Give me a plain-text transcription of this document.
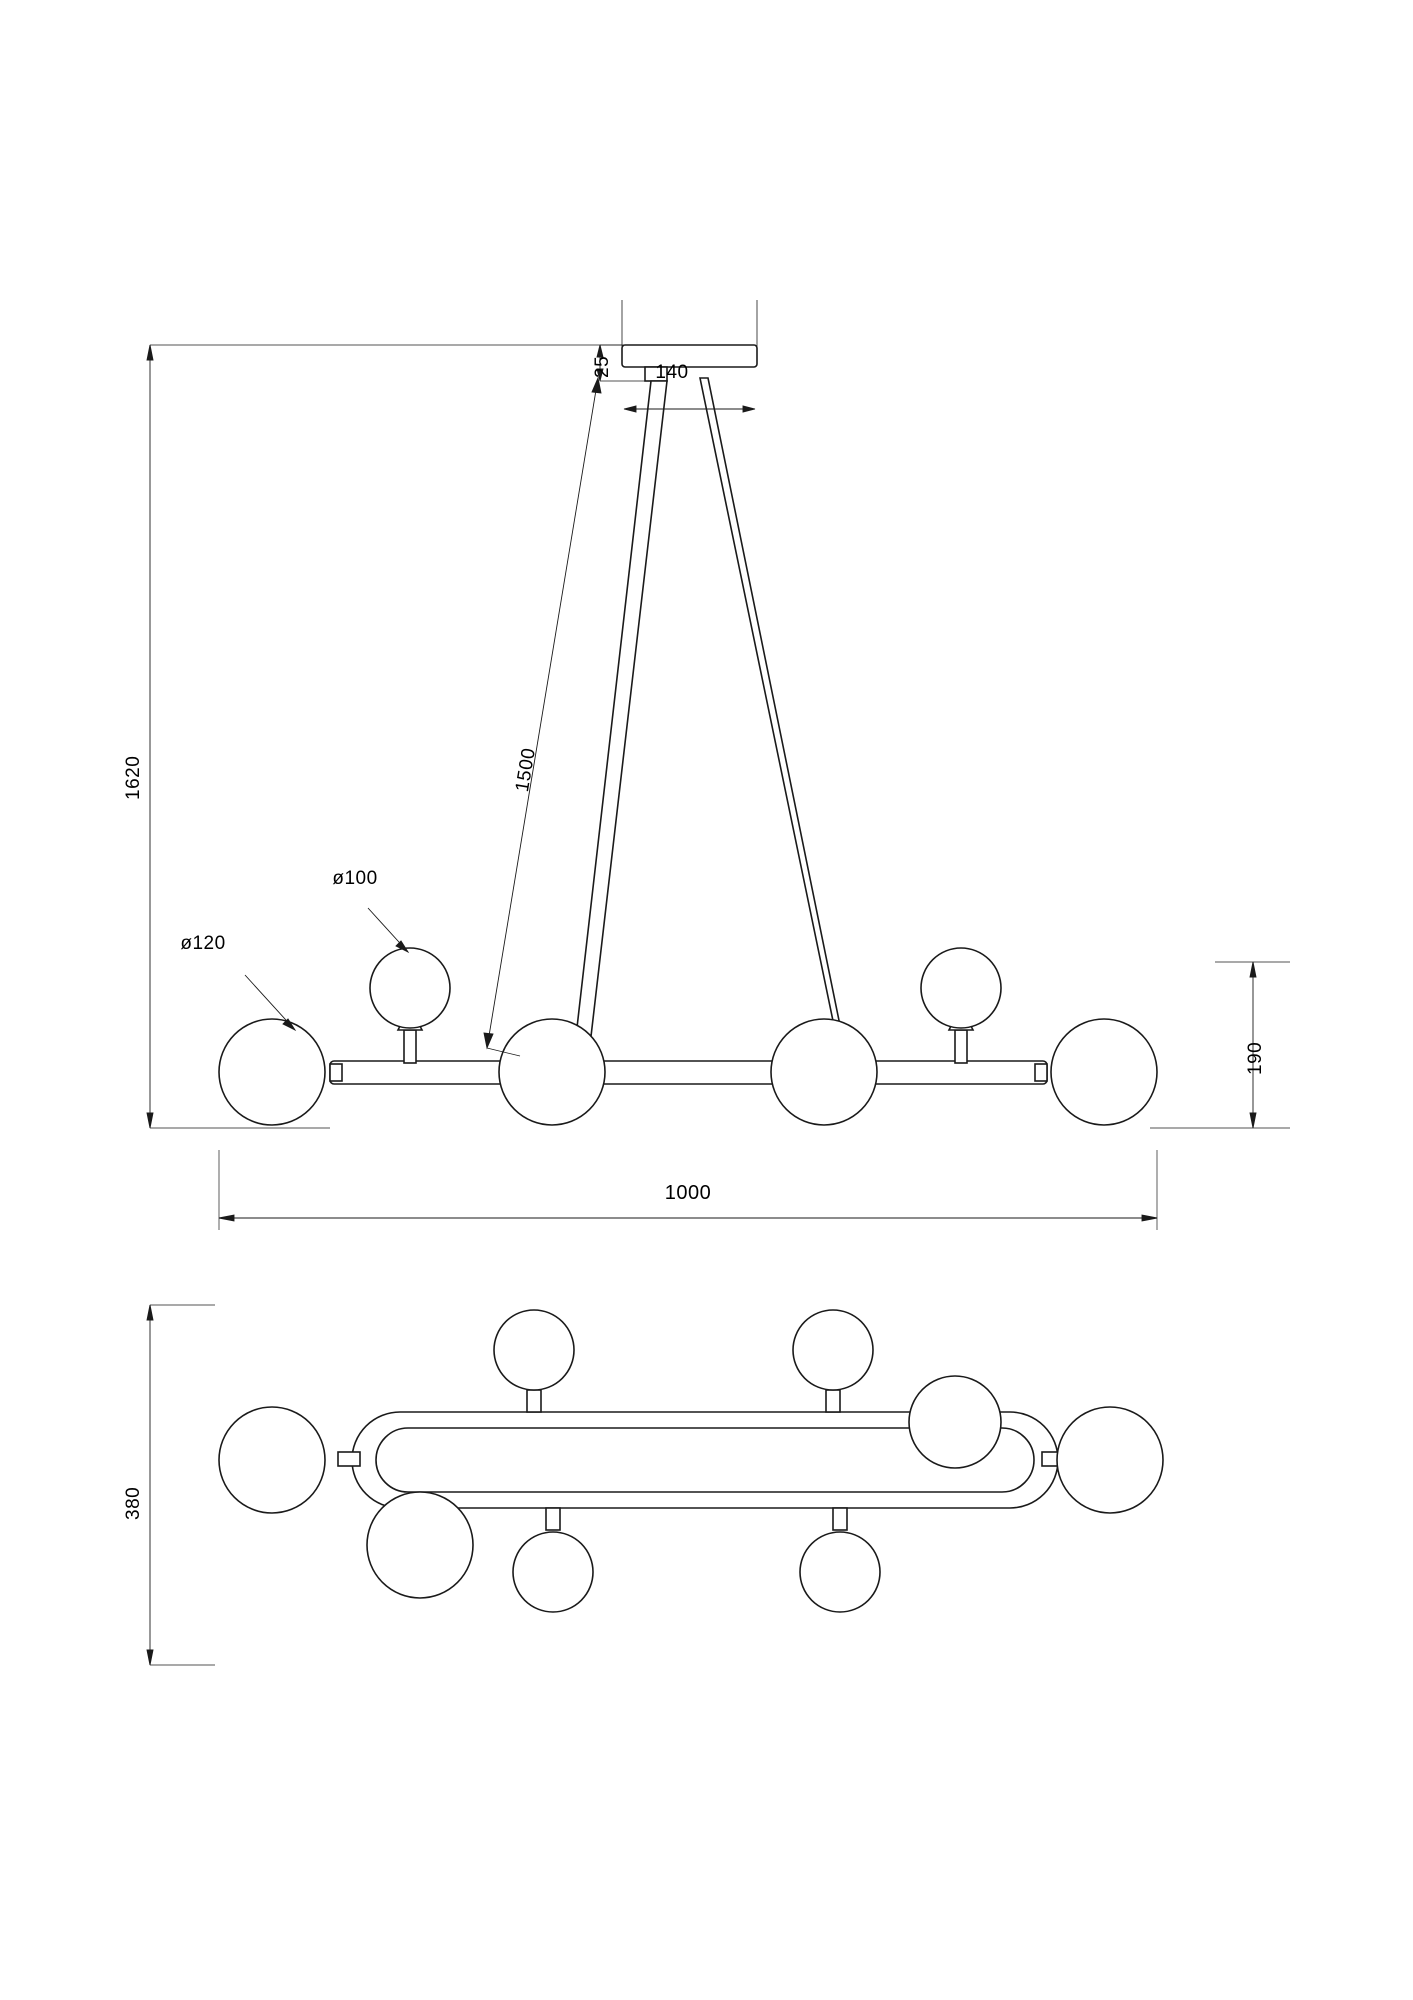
140
25
1620	1500
190
1000
380
ø120
ø100
